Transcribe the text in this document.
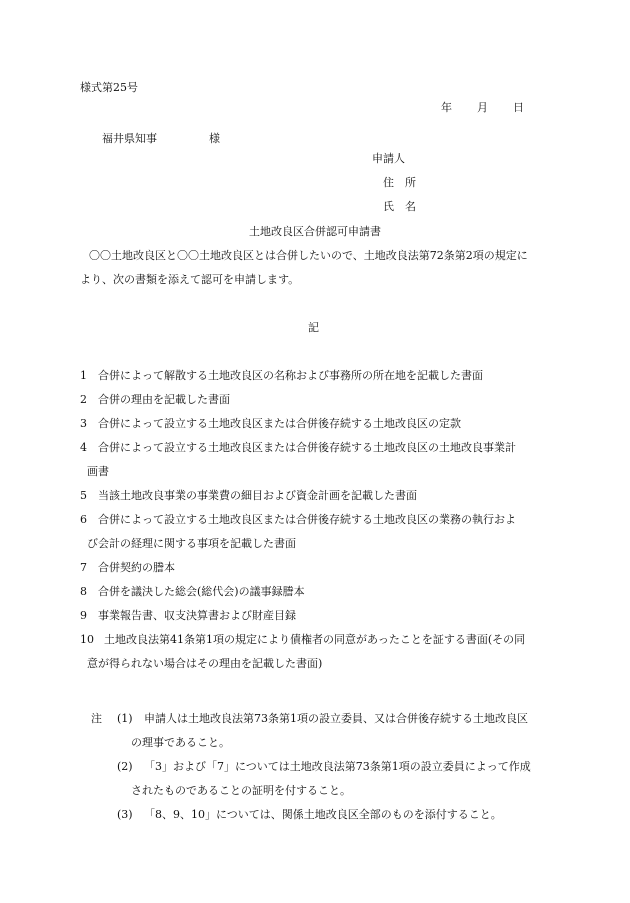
様式第25号
年 月 日
福井県知事	様
申請人
住　所
氏　名
土地改良区合併認可申請書
〇〇土地改良区と〇〇土地改良区とは合併したいので、土地改良法第72条第2項の規定に
より、次の書類を添えて認可を申請します。
記
1 合併によって解散する土地改良区の名称および事務所の所在地を記載した書面
2 合併の理由を記載した書面
3 合併によって設立する土地改良区または合併後存続する土地改良区の定款
4 合併によって設立する土地改良区または合併後存続する土地改良区の土地改良事業計
画書
5 当該土地改良事業の事業費の細目および資金計画を記載した書面
6 合併によって設立する土地改良区または合併後存続する土地改良区の業務の執行およ
び会計の経理に関する事項を記載した書面
7 合併契約の謄本
8 合併を議決した総会(総代会)の議事録謄本
9 事業報告書、収支決算書および財産目録
10 土地改良法第41条第1項の規定により債権者の同意があったことを証する書面(その同
意が得られない場合はその理由を記載した書面)
注 (1) 申請人は土地改良法第73条第1項の設立委員、又は合併後存続する土地改良区
の理事であること。
(2) 「3」および「7」については土地改良法第73条第1項の設立委員によって作成
されたものであることの証明を付すること。
(3) 「8、9、10」については、関係土地改良区全部のものを添付すること。
